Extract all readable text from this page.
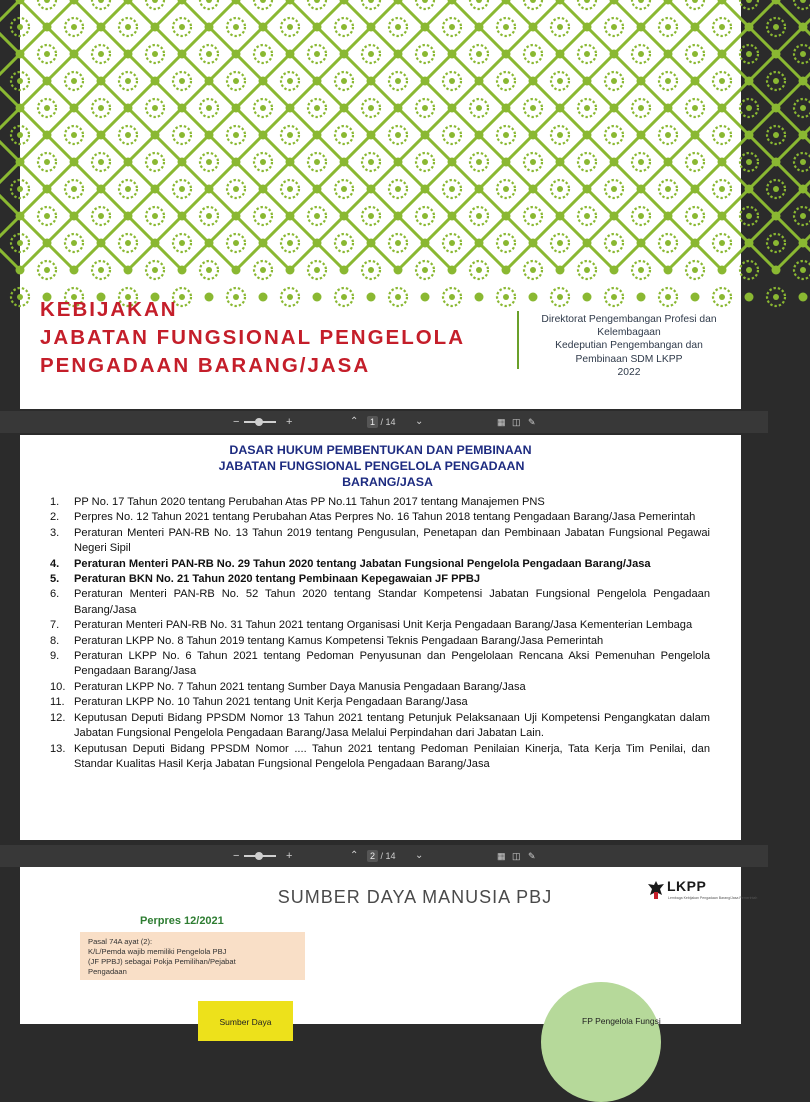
KEBIJAKAN
JABATAN FUNGSIONAL PENGELOLA
PENGADAAN BARANG/JASA
Direktorat Pengembangan Profesi dan
Kelembagaan
Kedeputian Pengembangan dan
Pembinaan SDM LKPP
2022
−	+	⌃	1 / 14 ⌄	▦ ◫ ✎
DASAR HUKUM PEMBENTUKAN DAN PEMBINAAN
JABATAN FUNGSIONAL PENGELOLA PENGADAAN
BARANG/JASA
1. PP No. 17 Tahun 2020 tentang Perubahan Atas PP No.11 Tahun 2017 tentang Manajemen PNS
2. Perpres No. 12 Tahun 2021 tentang Perubahan Atas Perpres No. 16 Tahun 2018 tentang Pengadaan Barang/Jasa Pemerintah
3. Peraturan Menteri PAN-RB No. 13 Tahun 2019 tentang Pengusulan, Penetapan dan Pembinaan Jabatan Fungsional Pegawai Negeri Sipil
4. Peraturan Menteri PAN-RB No. 29 Tahun 2020 tentang Jabatan Fungsional Pengelola Pengadaan Barang/Jasa
5. Peraturan BKN No. 21 Tahun 2020 tentang Pembinaan Kepegawaian JF PPBJ
6. Peraturan Menteri PAN-RB No. 52 Tahun 2020 tentang Standar Kompetensi Jabatan Fungsional Pengelola Pengadaan Barang/Jasa
7. Peraturan Menteri PAN-RB No. 31 Tahun 2021 tentang Organisasi Unit Kerja Pengadaan Barang/Jasa Kementerian Lembaga
8. Peraturan LKPP No. 8 Tahun 2019 tentang Kamus Kompetensi Teknis Pengadaan Barang/Jasa Pemerintah
9. Peraturan LKPP No. 6 Tahun 2021 tentang Pedoman Penyusunan dan Pengelolaan Rencana Aksi Pemenuhan Pengelola Pengadaan Barang/Jasa
10. Peraturan LKPP No. 7 Tahun 2021 tentang Sumber Daya Manusia Pengadaan Barang/Jasa
11. Peraturan LKPP No. 10 Tahun 2021 tentang Unit Kerja Pengadaan Barang/Jasa
12. Keputusan Deputi Bidang PPSDM Nomor 13 Tahun 2021 tentang Petunjuk Pelaksanaan Uji Kompetensi Pengangkatan dalam Jabatan Fungsional Pengelola Pengadaan Barang/Jasa Melalui Perpindahan dari Jabatan Lain.
13. Keputusan Deputi Bidang PPSDM Nomor .... Tahun 2021 tentang Pedoman Penilaian Kinerja, Tata Kerja Tim Penilai, dan Standar Kualitas Hasil Kerja Jabatan Fungsional Pengelola Pengadaan Barang/Jasa
−	+	⌃	2 / 14 ⌄	▦ ◫ ✎
SUMBER DAYA MANUSIA PBJ
LKPP
Lembaga Kebijakan Pengadaan Barang/Jasa Pemerintah
Perpres 12/2021
Pasal 74A ayat (2):
K/L/Pemda wajib memiliki Pengelola PBJ
(JF PPBJ) sebagai Pokja Pemilihan/Pejabat
Pengadaan
Sumber Daya	FP Pengelola Fungsi
